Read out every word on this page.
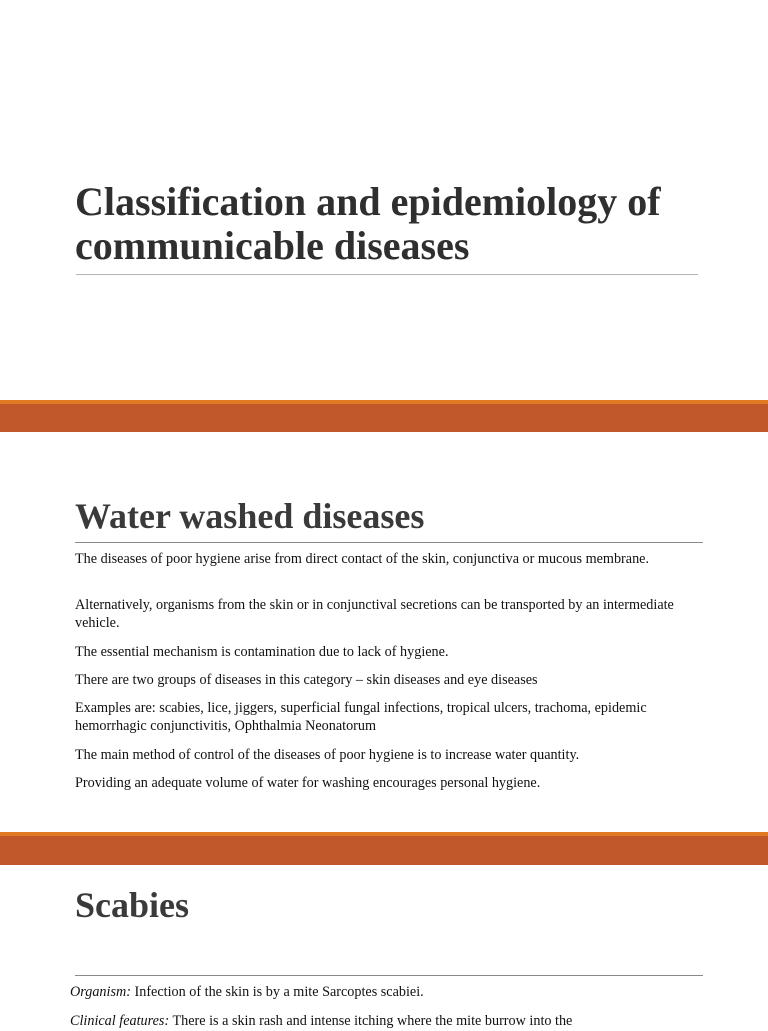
Classification and epidemiology of communicable diseases
Water washed diseases

The diseases of poor hygiene arise from direct contact of the skin, conjunctiva or mucous membrane.

Alternatively, organisms from the skin or in conjunctival secretions can be transported by an intermediate vehicle.

The essential mechanism is contamination due to lack of hygiene.

There are two groups of diseases in this category – skin diseases and eye diseases

Examples are: scabies, lice, jiggers, superficial fungal infections, tropical ulcers, trachoma, epidemic hemorrhagic conjunctivitis, Ophthalmia Neonatorum

The main method of control of the diseases of poor hygiene is to increase water quantity.

Providing an adequate volume of water for washing encourages personal hygiene.

Scabies

Organism: Infection of the skin is by a mite Sarcoptes scabiei.

Clinical features: There is a skin rash and intense itching where the mite burrow into the
